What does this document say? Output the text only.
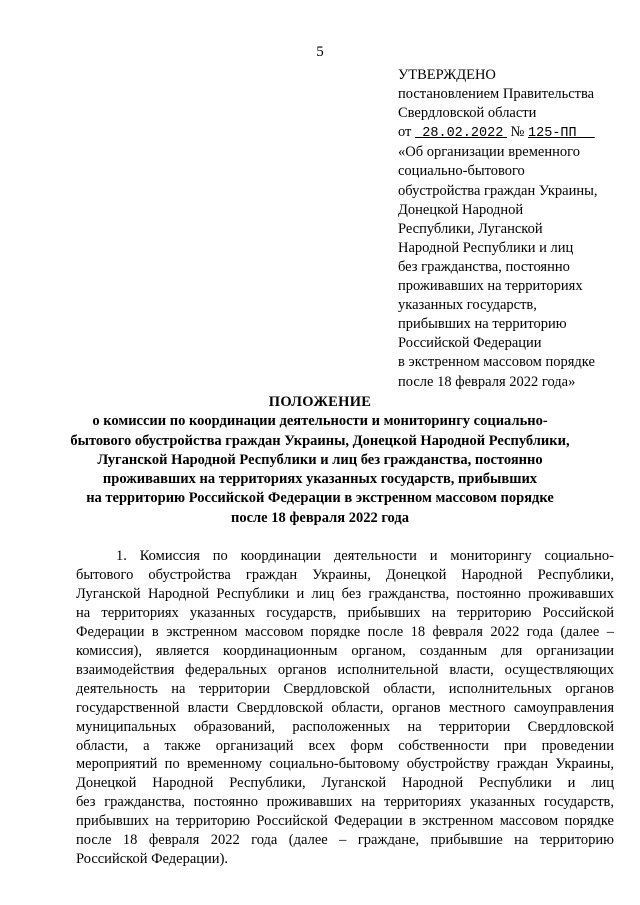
5
УТВЕРЖДЕНО
постановлением Правительства
Свердловской области
от 28.02.2022 № 125-ПП
«Об организации временного
социально-бытового
обустройства граждан Украины,
Донецкой Народной
Республики, Луганской
Народной Республики и лиц
без гражданства, постоянно
проживавших на территориях
указанных государств,
прибывших на территорию
Российской Федерации
в экстренном массовом порядке
после 18 февраля 2022 года»
ПОЛОЖЕНИЕ
о комиссии по координации деятельности и мониторингу социально-
бытового обустройства граждан Украины, Донецкой Народной Республики,
Луганской Народной Республики и лиц без гражданства, постоянно
проживавших на территориях указанных государств, прибывших
на территорию Российской Федерации в экстренном массовом порядке
после 18 февраля 2022 года
1. Комиссия по координации деятельности и мониторингу социально-
бытового обустройства граждан Украины, Донецкой Народной Республики,
Луганской Народной Республики и лиц без гражданства, постоянно проживавших
на территориях указанных государств, прибывших на территорию Российской
Федерации в экстренном массовом порядке после 18 февраля 2022 года (далее –
комиссия), является координационным органом, созданным для организации
взаимодействия федеральных органов исполнительной власти, осуществляющих
деятельность на территории Свердловской области, исполнительных органов
государственной власти Свердловской области, органов местного самоуправления
муниципальных образований, расположенных на территории Свердловской
области, а также организаций всех форм собственности при проведении
мероприятий по временному социально-бытовому обустройству граждан Украины,
Донецкой Народной Республики, Луганской Народной Республики и лиц
без гражданства, постоянно проживавших на территориях указанных государств,
прибывших на территорию Российской Федерации в экстренном массовом порядке
после 18 февраля 2022 года (далее – граждане, прибывшие на территорию
Российской Федерации).
